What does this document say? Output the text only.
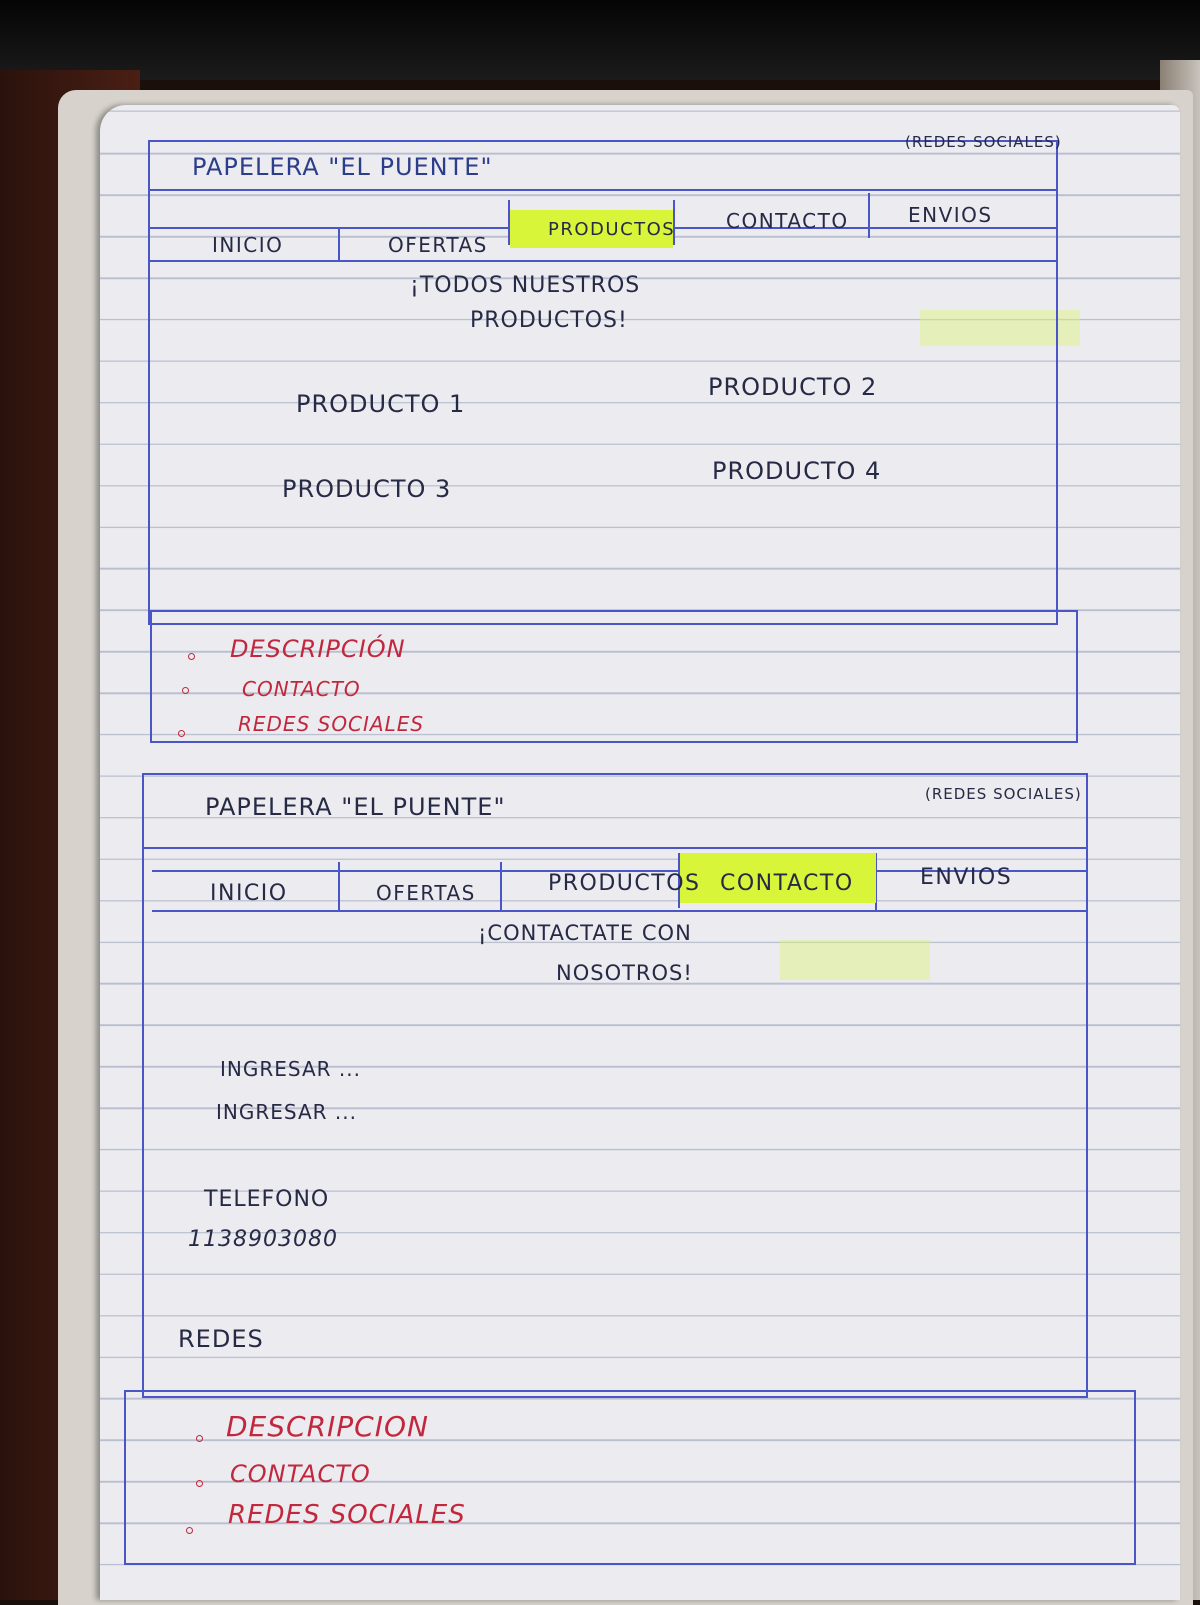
PAPELERA "EL PUENTE"
(REDES SOCIALES)
INICIO	OFERTAS
PRODUCTOS	CONTACTO	ENVIOS
¡TODOS NUESTROS
PRODUCTOS!
PRODUCTO 1
PRODUCTO 2
PRODUCTO 3
PRODUCTO 4
DESCRIPCIÓN
CONTACTO
REDES SOCIALES
PAPELERA "EL PUENTE"	(REDES SOCIALES)
INICIO	OFERTAS	PRODUCTOS CONTACTO	ENVIOS
¡CONTACTATE CON
NOSOTROS!
INGRESAR ...
INGRESAR ...
TELEFONO
1138903080
REDES
DESCRIPCION
CONTACTO
REDES SOCIALES
